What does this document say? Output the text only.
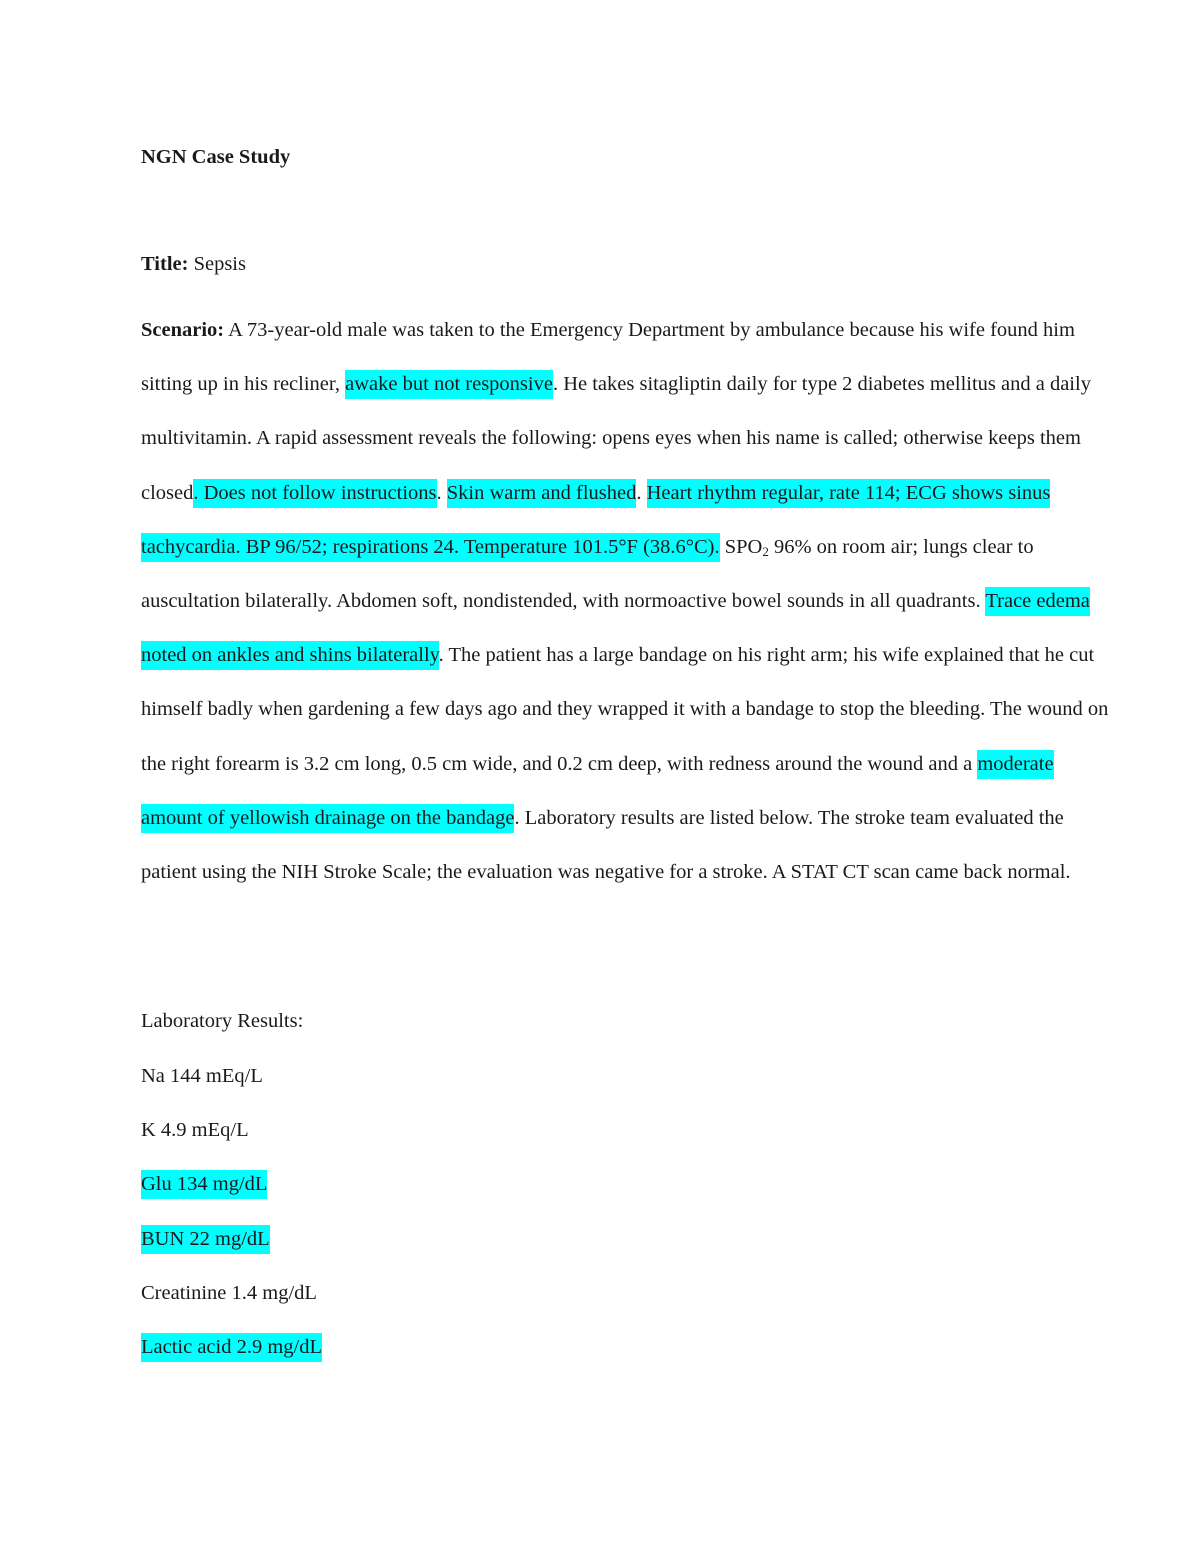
NGN Case Study
Title: Sepsis

Scenario: A 73-year-old male was taken to the Emergency Department by ambulance because his wife found him sitting up in his recliner, awake but not responsive. He takes sitagliptin daily for type 2 diabetes mellitus and a daily multivitamin. A rapid assessment reveals the following: opens eyes when his name is called; otherwise keeps them closed. Does not follow instructions. Skin warm and flushed. Heart rhythm regular, rate 114; ECG shows sinus tachycardia. BP 96/52; respirations 24. Temperature 101.5°F (38.6°C). $SPO_2$ 96% on room air; lungs clear to auscultation bilaterally. Abdomen soft, nondistended, with normoactive bowel sounds in all quadrants. Trace edema noted on ankles and shins bilaterally. The patient has a large bandage on his right arm; his wife explained that he cut himself badly when gardening a few days ago and they wrapped it with a bandage to stop the bleeding. The wound on the right forearm is 3.2 cm long, 0.5 cm wide, and 0.2 cm deep, with redness around the wound and a moderate amount of yellowish drainage on the bandage. Laboratory results are listed below. The stroke team evaluated the patient using the NIH Stroke Scale; the evaluation was negative for a stroke. A STAT CT scan came back normal.

Laboratory Results:
Na 144 mEq/L
K 4.9 mEq/L
Glu 134 mg/dL
BUN 22 mg/dL
Creatinine 1.4 mg/dL
Lactic acid 2.9 mg/dL
